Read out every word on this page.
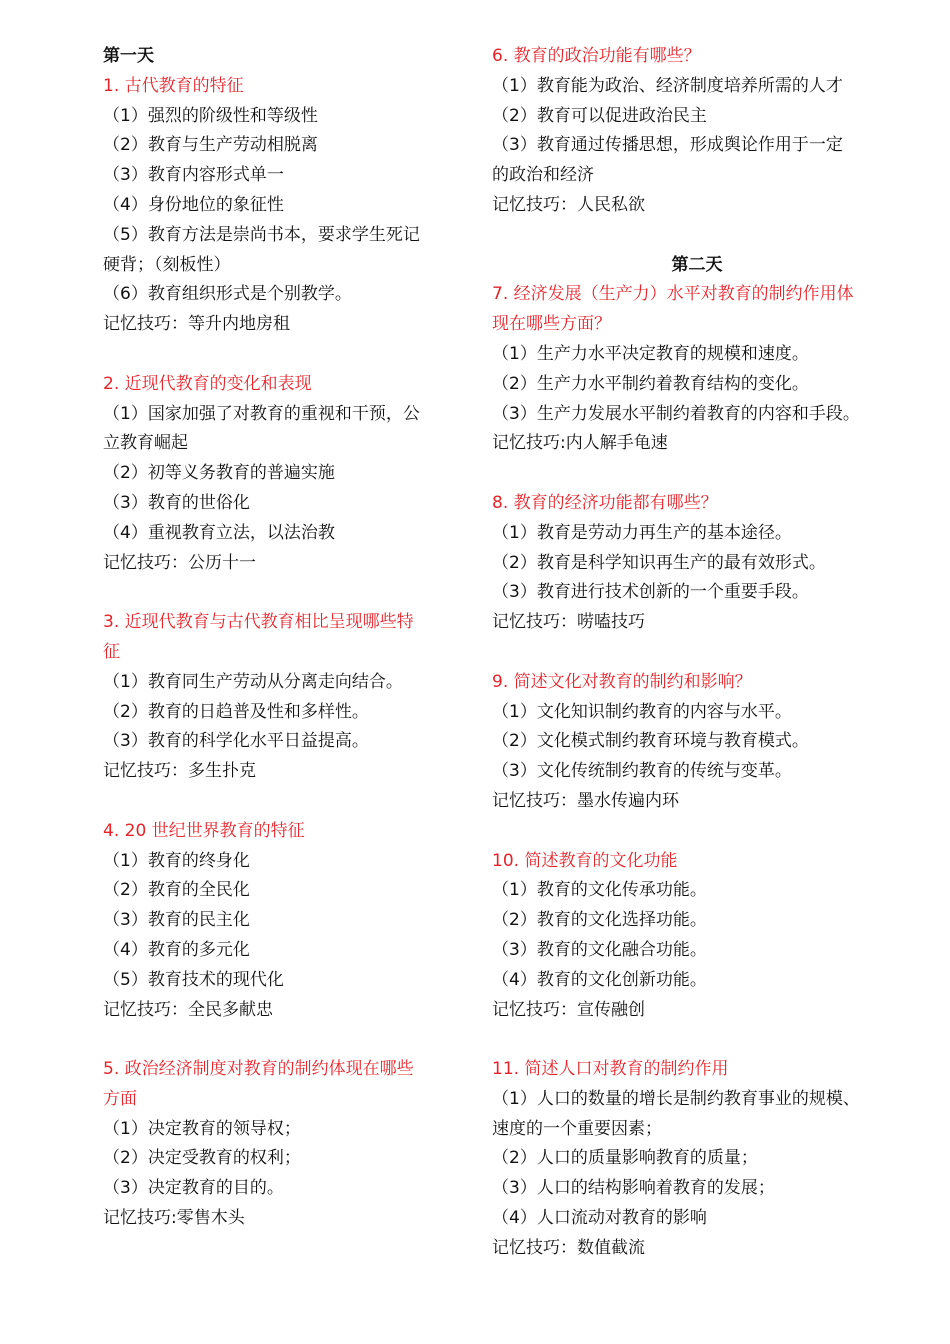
第一天
1. 古代教育的特征
（1）强烈的阶级性和等级性
（2）教育与生产劳动相脱离
（3）教育内容形式单一
（4）身份地位的象征性
（5）教育方法是崇尚书本，要求学生死记
硬背；（刻板性）
（6）教育组织形式是个别教学。
记忆技巧：等升内地房租
2. 近现代教育的变化和表现
（1）国家加强了对教育的重视和干预，公
立教育崛起
（2）初等义务教育的普遍实施
（3）教育的世俗化
（4）重视教育立法，以法治教
记忆技巧：公历十一
3. 近现代教育与古代教育相比呈现哪些特
征
（1）教育同生产劳动从分离走向结合。
（2）教育的日趋普及性和多样性。
（3）教育的科学化水平日益提高。
记忆技巧：多生扑克
4. 20 世纪世界教育的特征
（1）教育的终身化
（2）教育的全民化
（3）教育的民主化
（4）教育的多元化
（5）教育技术的现代化
记忆技巧：全民多献忠
5. 政治经济制度对教育的制约体现在哪些
方面
（1）决定教育的领导权；
（2）决定受教育的权利；
（3）决定教育的目的。
记忆技巧:零售木头
6. 教育的政治功能有哪些？
（1）教育能为政治、经济制度培养所需的人才
（2）教育可以促进政治民主
（3）教育通过传播思想，形成舆论作用于一定
的政治和经济
记忆技巧：人民私欲
第二天
7. 经济发展（生产力）水平对教育的制约作用体
现在哪些方面？
（1）生产力水平决定教育的规模和速度。
（2）生产力水平制约着教育结构的变化。
（3）生产力发展水平制约着教育的内容和手段。
记忆技巧:内人解手龟速
8. 教育的经济功能都有哪些？
（1）教育是劳动力再生产的基本途径。
（2）教育是科学知识再生产的最有效形式。
（3）教育进行技术创新的一个重要手段。
记忆技巧：唠嗑技巧
9. 简述文化对教育的制约和影响？
（1）文化知识制约教育的内容与水平。
（2）文化模式制约教育环境与教育模式。
（3）文化传统制约教育的传统与变革。
记忆技巧：墨水传遍内环
10. 简述教育的文化功能
（1）教育的文化传承功能。
（2）教育的文化选择功能。
（3）教育的文化融合功能。
（4）教育的文化创新功能。
记忆技巧：宣传融创
11. 简述人口对教育的制约作用
（1）人口的数量的增长是制约教育事业的规模、
速度的一个重要因素；
（2）人口的质量影响教育的质量；
（3）人口的结构影响着教育的发展；
（4）人口流动对教育的影响
记忆技巧：数值截流
